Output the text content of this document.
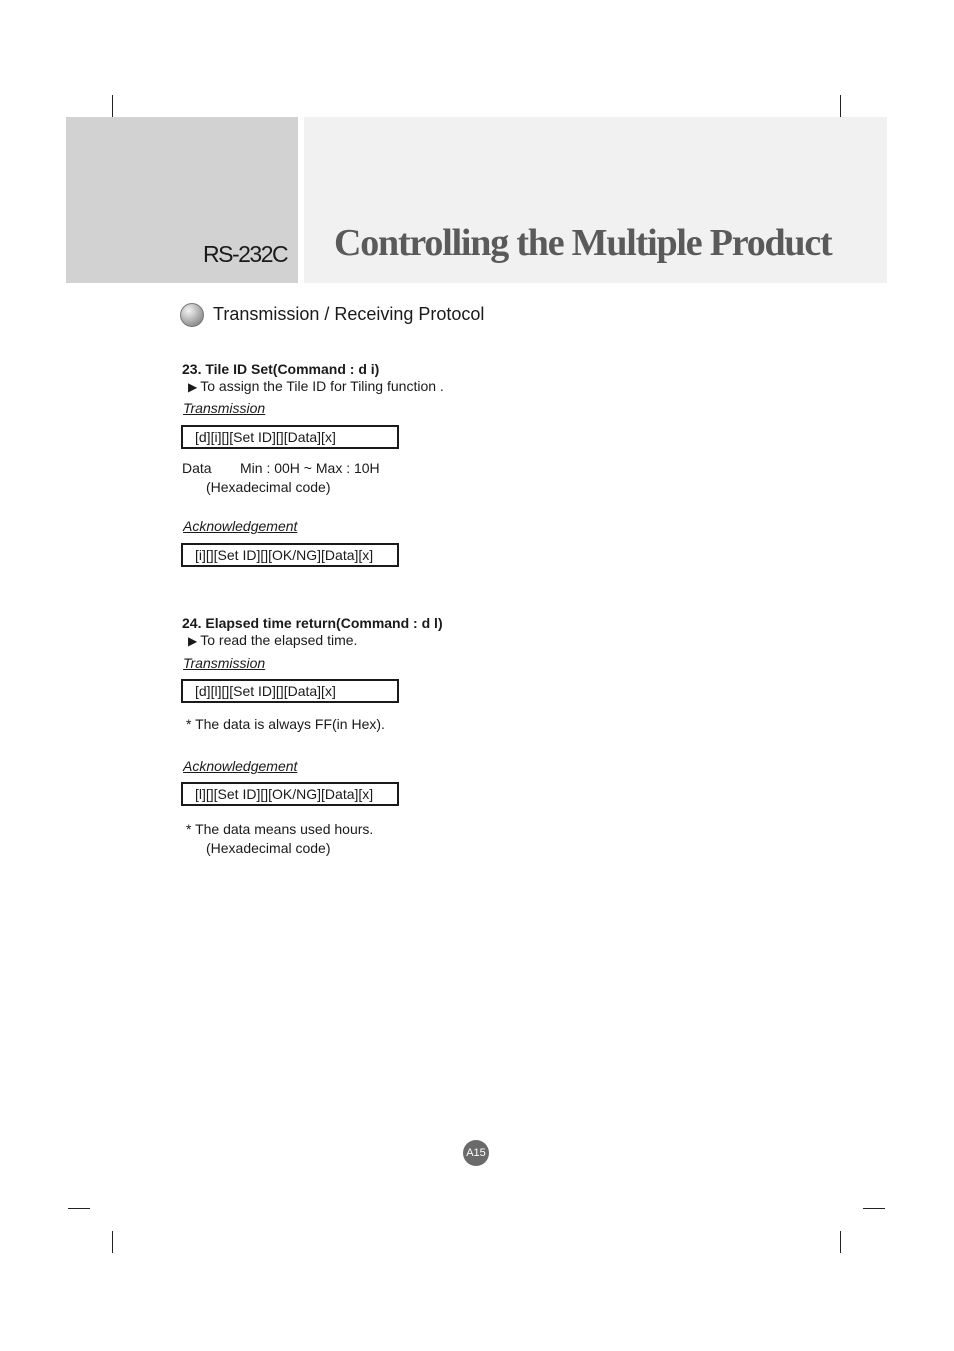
RS-232C Controlling the Multiple Product
Transmission / Receiving Protocol
23. Tile ID Set(Command : d i)
▶ To assign the Tile ID for Tiling function .
Transmission
[d][i][][Set ID][][Data][x]
Data Min : 00H ~ Max : 10H
(Hexadecimal code)
Acknowledgement
[i][][Set ID][][OK/NG][Data][x]
24. Elapsed time return(Command : d l)
▶ To read the elapsed time.
Transmission
[d][l][][Set ID][][Data][x]
* The data is always FF(in Hex).
Acknowledgement
[l][][Set ID][][OK/NG][Data][x]
* The data means used hours.
(Hexadecimal code)
A15
